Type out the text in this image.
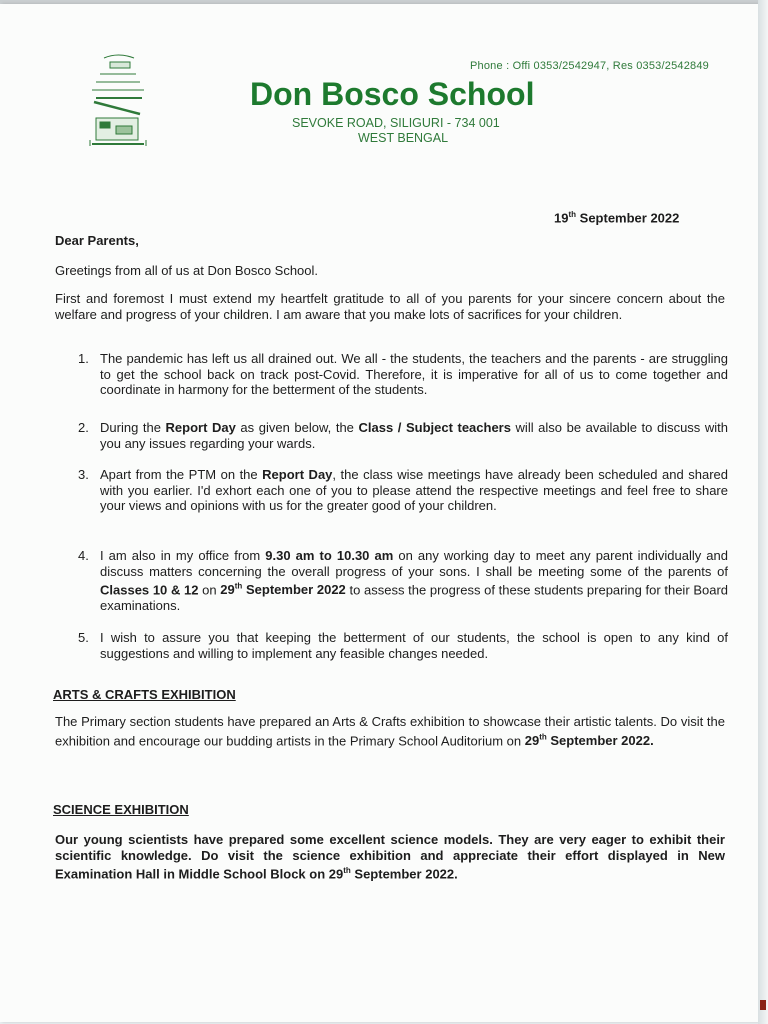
Phone : Offi 0353/2542947, Res 0353/2542849
Don Bosco School
SEVOKE ROAD, SILIGURI - 734 001
WEST BENGAL
19th September 2022
Dear Parents,
Greetings from all of us at Don Bosco School.
First and foremost I must extend my heartfelt gratitude to all of you parents for your sincere concern about the welfare and progress of your children. I am aware that you make lots of sacrifices for your children.
1. The pandemic has left us all drained out. We all - the students, the teachers and the parents - are struggling to get the school back on track post-Covid. Therefore, it is imperative for all of us to come together and coordinate in harmony for the betterment of the students.
2. During the Report Day as given below, the Class / Subject teachers will also be available to discuss with you any issues regarding your wards.
3. Apart from the PTM on the Report Day, the class wise meetings have already been scheduled and shared with you earlier. I'd exhort each one of you to please attend the respective meetings and feel free to share your views and opinions with us for the greater good of your children.
4. I am also in my office from 9.30 am to 10.30 am on any working day to meet any parent individually and discuss matters concerning the overall progress of your sons. I shall be meeting some of the parents of Classes 10 & 12 on 29th September 2022 to assess the progress of these students preparing for their Board examinations.
5. I wish to assure you that keeping the betterment of our students, the school is open to any kind of suggestions and willing to implement any feasible changes needed.
ARTS & CRAFTS EXHIBITION
The Primary section students have prepared an Arts & Crafts exhibition to showcase their artistic talents. Do visit the exhibition and encourage our budding artists in the Primary School Auditorium on 29th September 2022.
SCIENCE EXHIBITION
Our young scientists have prepared some excellent science models. They are very eager to exhibit their scientific knowledge. Do visit the science exhibition and appreciate their effort displayed in New Examination Hall in Middle School Block on 29th September 2022.
